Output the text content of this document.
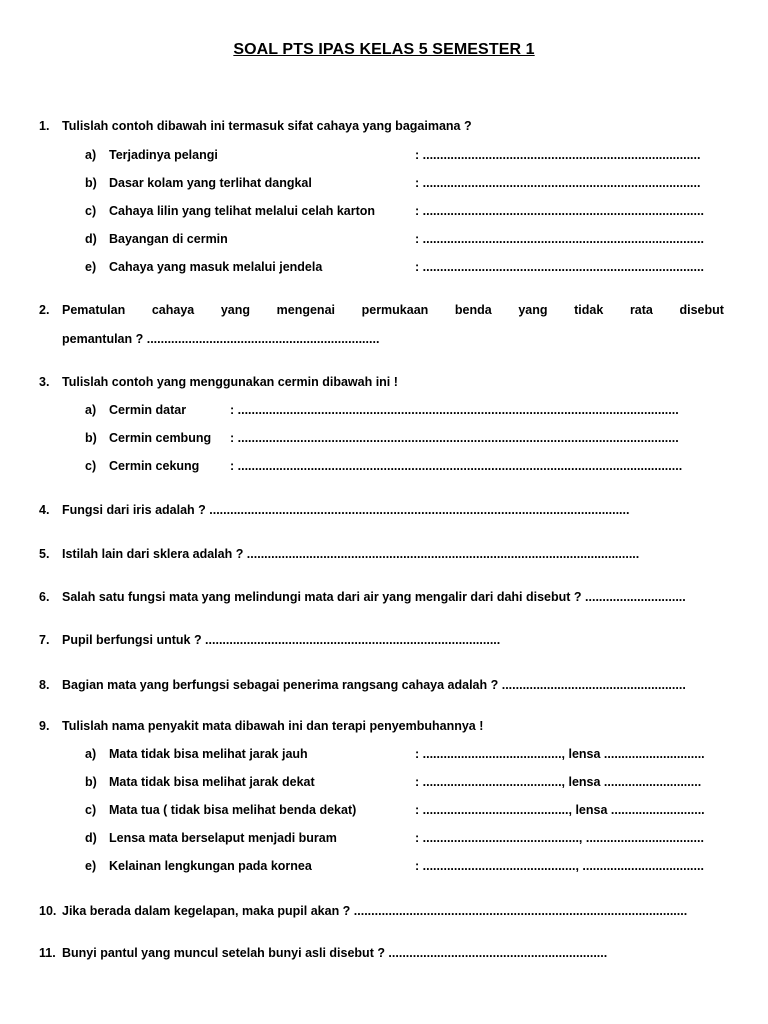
SOAL PTS IPAS KELAS 5 SEMESTER 1
1. Tulislah contoh dibawah ini termasuk sifat cahaya yang bagaimana ?
a) Terjadinya pelangi	: ................................................................................
b) Dasar kolam yang terlihat dangkal	: ................................................................................
c) Cahaya lilin yang telihat melalui celah karton	: .................................................................................
d) Bayangan di cermin	: .................................................................................
e) Cahaya yang masuk melalui jendela	: .................................................................................
2. Pematulan cahaya yang mengenai permukaan benda yang tidak rata disebut
pemantulan ? ...................................................................
3. Tulislah contoh yang menggunakan cermin dibawah ini !
a) Cermin datar	: ...............................................................................................................................
b) Cermin cembung : ...............................................................................................................................
c) Cermin cekung : ................................................................................................................................
4. Fungsi dari iris adalah ? .........................................................................................................................
5. Istilah lain dari sklera adalah ? .................................................................................................................
6. Salah satu fungsi mata yang melindungi mata dari air yang mengalir dari dahi disebut ? .............................
7. Pupil berfungsi untuk ? .....................................................................................
8. Bagian mata yang berfungsi sebagai penerima rangsang cahaya adalah ? .....................................................
9. Tulislah nama penyakit mata dibawah ini dan terapi penyembuhannya !
a) Mata tidak bisa melihat jarak jauh	: ........................................, lensa .............................
b) Mata tidak bisa melihat jarak dekat	: ........................................, lensa ............................
c) Mata tua ( tidak bisa melihat benda dekat)	: .........................................., lensa ...........................
d) Lensa mata berselaput menjadi buram	: ............................................., ..................................
e) Kelainan lengkungan pada kornea	: ............................................, ...................................
10. Jika berada dalam kegelapan, maka pupil akan ? ................................................................................................
11. Bunyi pantul yang muncul setelah bunyi asli disebut ? ...............................................................
